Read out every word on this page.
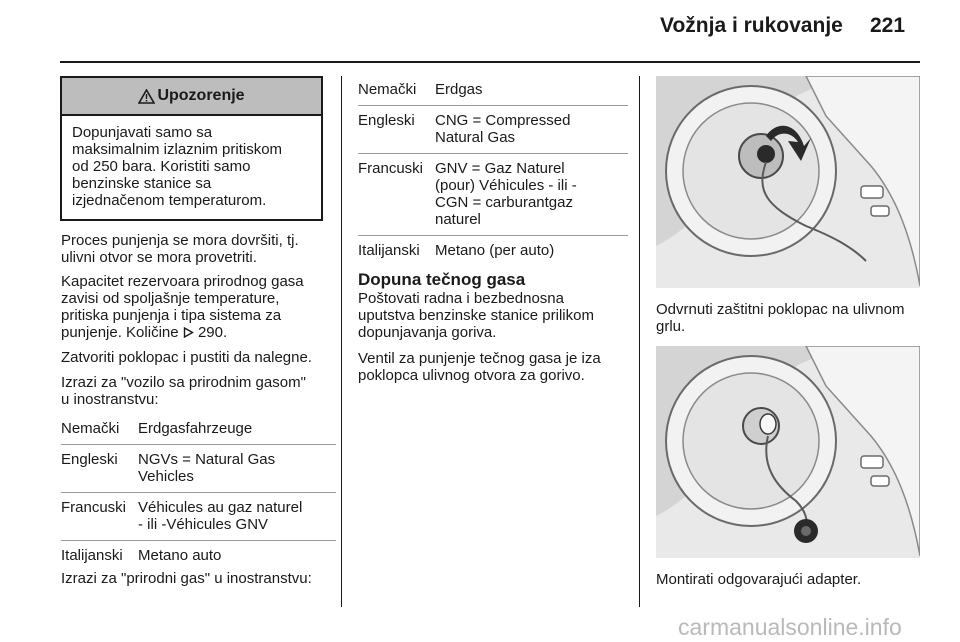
Vožnja i rukovanje 221
Upozorenje
Dopunjavati samo sa
maksimalnim izlaznim pritiskom
od 250 bara. Koristiti samo
benzinske stanice sa
izjednačenom temperaturom.
Proces punjenja se mora dovršiti, tj.
ulivni otvor se mora provetriti.
Kapacitet rezervoara prirodnog gasa
zavisi od spoljašnje temperature,
pritiska punjenja i tipa sistema za
punjenje. Količine  290.
Zatvoriti poklopac i pustiti da nalegne.
Izrazi za "vozilo sa prirodnim gasom"
u inostranstvu:
Nemački	Erdgasfahrzeuge
Engleski	NGVs = Natural Gas
Vehicles
Francuski Véhicules au gaz naturel
- ili -Véhicules GNV
Italijanski	Metano auto
Izrazi za "prirodni gas" u inostranstvu:
Nemački	Erdgas
Engleski	CNG = Compressed
Natural Gas
Francuski GNV = Gaz Naturel
(pour) Véhicules - ili -
CGN = carburantgaz
naturel
Italijanski	Metano (per auto)
Dopuna tečnog gasa
Poštovati radna i bezbednosna
uputstva benzinske stanice prilikom
dopunjavanja goriva.
Ventil za punjenje tečnog gasa je iza
poklopca ulivnog otvora za gorivo.
Odvrnuti zaštitni poklopac na ulivnom
grlu.
Montirati odgovarajući adapter.
carmanualsonline.info
